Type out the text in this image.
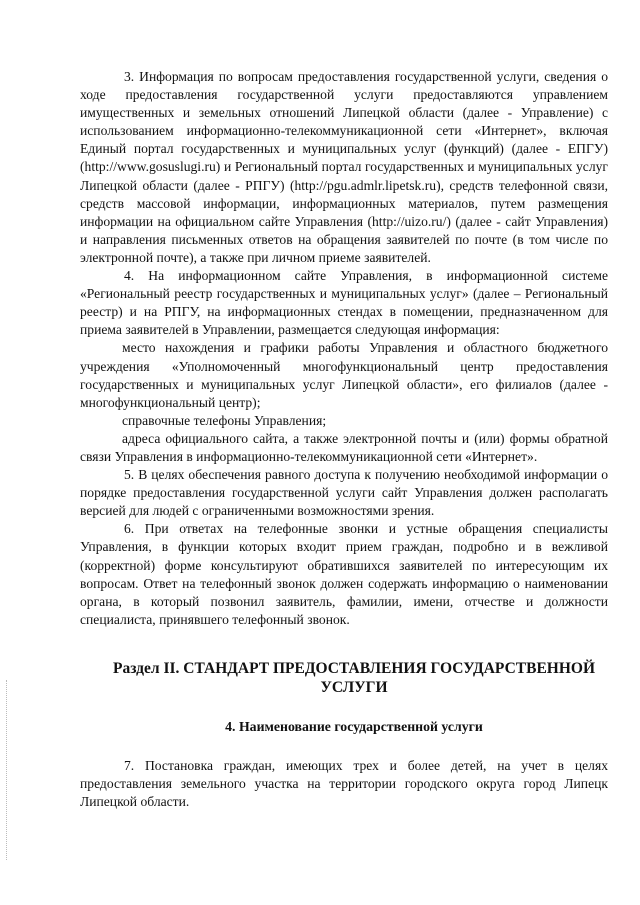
3. Информация по вопросам предоставления государственной услуги, сведения о ходе предоставления государственной услуги предоставляются управлением имущественных и земельных отношений Липецкой области (далее - Управление) с использованием информационно-телекоммуникационной сети «Интернет», включая Единый портал государственных и муниципальных услуг (функций) (далее - ЕПГУ) (http://www.gosuslugi.ru) и Региональный портал государственных и муниципальных услуг Липецкой области (далее - РПГУ) (http://pgu.admlr.lipetsk.ru), средств телефонной связи, средств массовой информации, информационных материалов, путем размещения информации на официальном сайте Управления (http://uizo.ru/) (далее - сайт Управления) и направления письменных ответов на обращения заявителей по почте (в том числе по электронной почте), а также при личном приеме заявителей.

4. На информационном сайте Управления, в информационной системе «Региональный реестр государственных и муниципальных услуг» (далее – Региональный реестр) и на РПГУ, на информационных стендах в помещении, предназначенном для приема заявителей в Управлении, размещается следующая информация:

место нахождения и графики работы Управления и областного бюджетного учреждения «Уполномоченный многофункциональный центр предоставления государственных и муниципальных услуг Липецкой области», его филиалов (далее - многофункциональный центр);

справочные телефоны Управления;

адреса официального сайта, а также электронной почты и (или) формы обратной связи Управления в информационно-телекоммуникационной сети «Интернет».

5. В целях обеспечения равного доступа к получению необходимой информации о порядке предоставления государственной услуги сайт Управления должен располагать версией для людей с ограниченными возможностями зрения.

6. При ответах на телефонные звонки и устные обращения специалисты Управления, в функции которых входит прием граждан, подробно и в вежливой (корректной) форме консультируют обратившихся заявителей по интересующим их вопросам. Ответ на телефонный звонок должен содержать информацию о наименовании органа, в который позвонил заявитель, фамилии, имени, отчестве и должности специалиста, принявшего телефонный звонок.

Раздел II. СТАНДАРТ ПРЕДОСТАВЛЕНИЯ ГОСУДАРСТВЕННОЙ УСЛУГИ
4. Наименование государственной услуги

7. Постановка граждан, имеющих трех и более детей, на учет в целях предоставления земельного участка на территории городского округа город Липецк Липецкой области.
